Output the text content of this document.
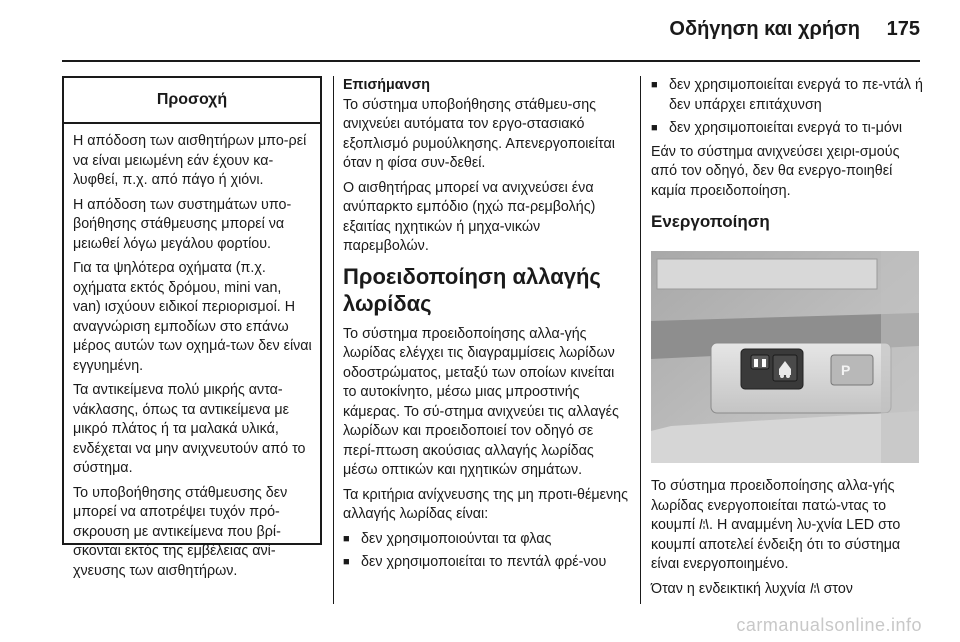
Οδήγηση και χρήση 175
Προσοχή

Η απόδοση των αισθητήρων μπο-ρεί να είναι μειωμένη εάν έχουν κα-λυφθεί, π.χ. από πάγο ή χιόνι.

Η απόδοση των συστημάτων υπο-βοήθησης στάθμευσης μπορεί να μειωθεί λόγω μεγάλου φορτίου.

Για τα ψηλότερα οχήματα (π.χ. οχήματα εκτός δρόμου, mini van, van) ισχύουν ειδικοί περιορισμοί. Η αναγνώριση εμποδίων στο επάνω μέρος αυτών των οχημά-των δεν είναι εγγυημένη.

Τα αντικείμενα πολύ μικρής αντα-νάκλασης, όπως τα αντικείμενα με μικρό πλάτος ή τα μαλακά υλικά, ενδέχεται να μην ανιχνευτούν από το σύστημα.

Το υποβοήθησης στάθμευσης δεν μπορεί να αποτρέψει τυχόν πρό-σκρουση με αντικείμενα που βρί-σκονται εκτός της εμβέλειας ανί-χνευσης των αισθητήρων.

Επισήμανση

Το σύστημα υποβοήθησης στάθμευ-σης ανιχνεύει αυτόματα τον εργο-στασιακό εξοπλισμό ρυμούλκησης. Απενεργοποιείται όταν η φίσα συν-δεθεί.

Ο αισθητήρας μπορεί να ανιχνεύσει ένα ανύπαρκτο εμπόδιο (ηχώ πα-ρεμβολής) εξαιτίας ηχητικών ή μηχα-νικών παρεμβολών.

Προειδοποίηση αλλαγής λωρίδας

Το σύστημα προειδοποίησης αλλα-γής λωρίδας ελέγχει τις διαγραμμίσεις λωρίδων οδοστρώματος, μεταξύ των οποίων κινείται το αυτοκίνητο, μέσω μιας μπροστινής κάμερας. Το σύ-στημα ανιχνεύει τις αλλαγές λωρίδων και προειδοποιεί τον οδηγό σε περί-πτωση ακούσιας αλλαγής λωρίδας μέσω οπτικών και ηχητικών σημάτων.

Τα κριτήρια ανίχνευσης της μη προτι-θέμενης αλλαγής λωρίδας είναι:

■ δεν χρησιμοποιούνται τα φλας
■ δεν χρησιμοποιείται το πεντάλ φρέ-νου
■ δεν χρησιμοποιείται ενεργά το πε-ντάλ ή δεν υπάρχει επιτάχυνση
■ δεν χρησιμοποιείται ενεργά το τι-μόνι

Εάν το σύστημα ανιχνεύσει χειρι-σμούς από τον οδηγό, δεν θα ενεργο-ποιηθεί καμία προειδοποίηση.

Ενεργοποίηση
P

Το σύστημα προειδοποίησης αλλα-γής λωρίδας ενεργοποιείται πατώ-ντας το κουμπί . Η αναμμένη λυ-χνία LED στο κουμπί αποτελεί ένδειξη ότι το σύστημα είναι ενεργοποιημένο.

Όταν η ενδεικτική λυχνία  στον

carmanualsonline.info
